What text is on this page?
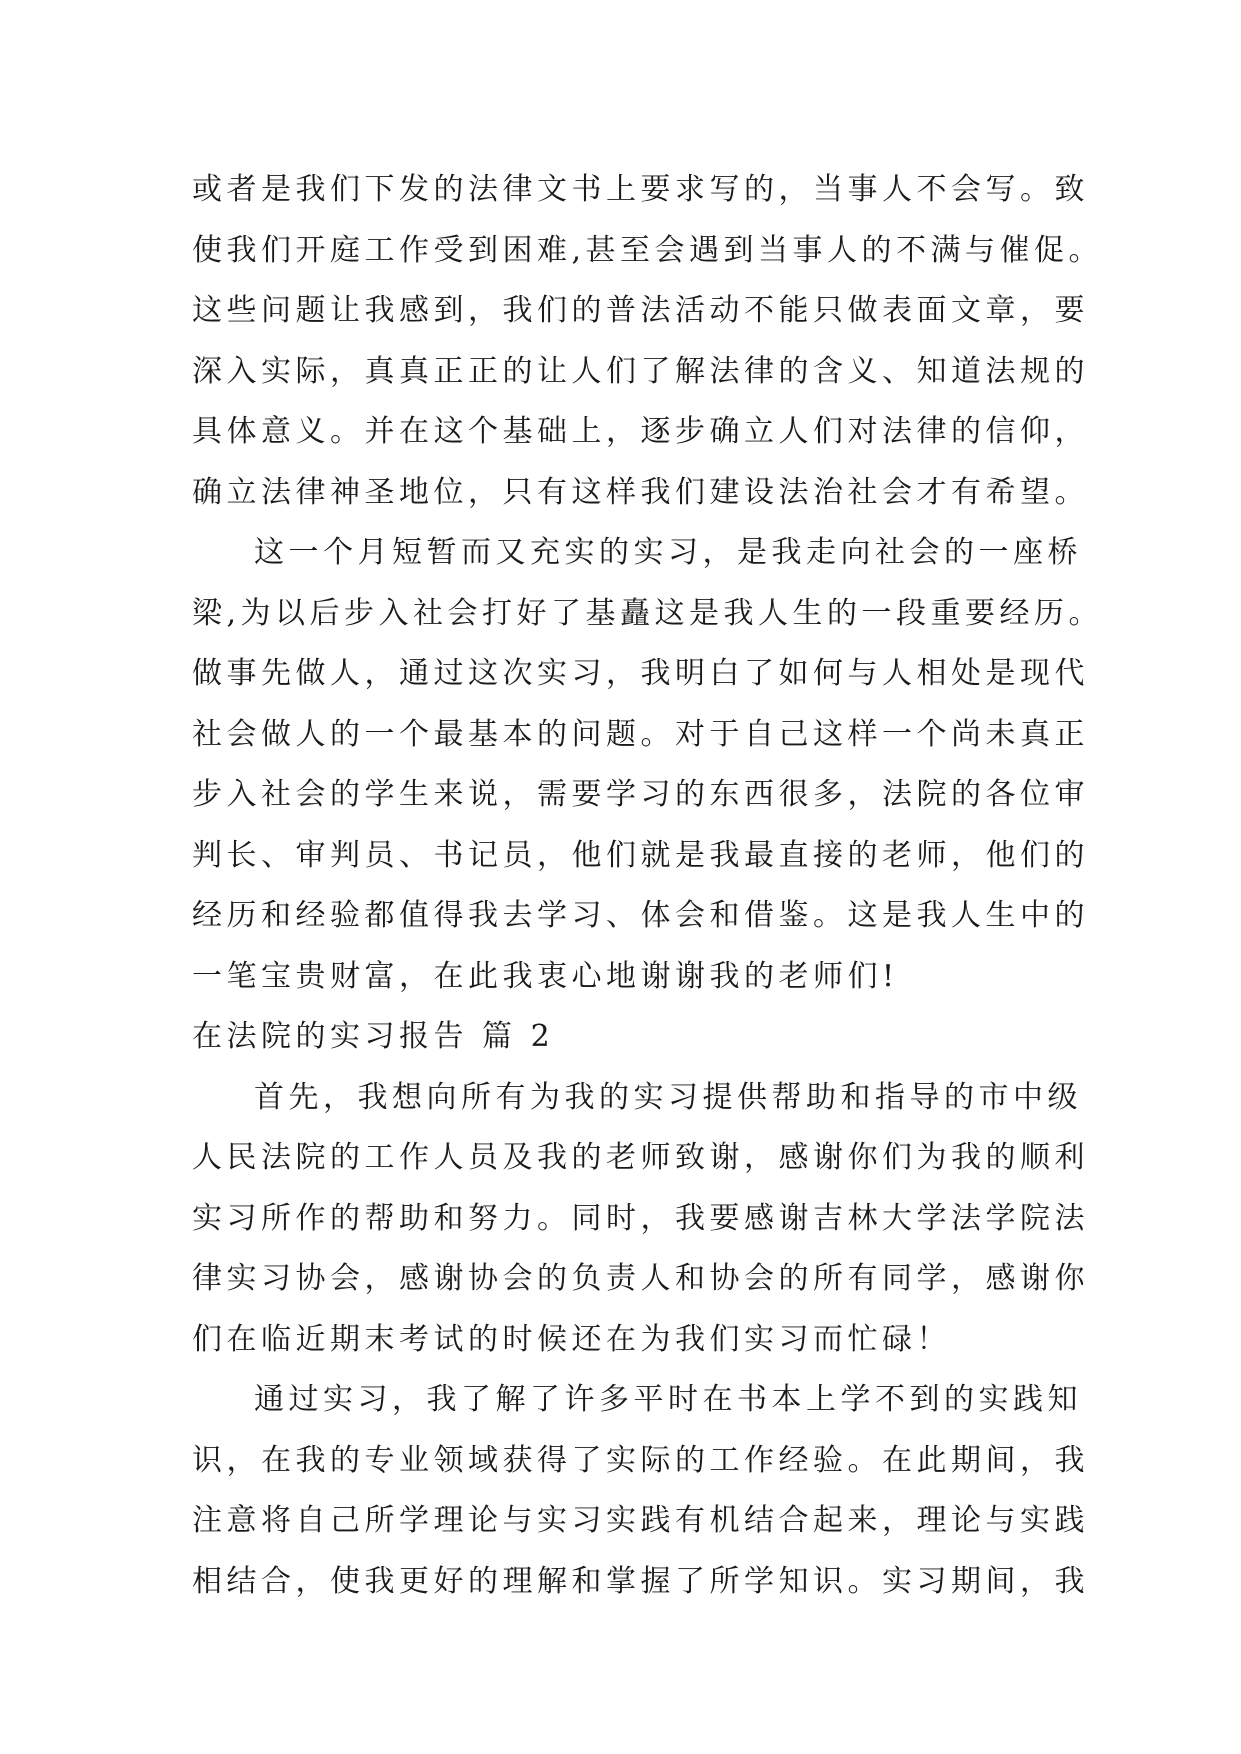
或者是我们下发的法律文书上要求写的，当事人不会写。致
使我们开庭工作受到困难,甚至会遇到当事人的不满与催促。
这些问题让我感到，我们的普法活动不能只做表面文章，要
深入实际，真真正正的让人们了解法律的含义、知道法规的
具体意义。并在这个基础上，逐步确立人们对法律的信仰，
确立法律神圣地位，只有这样我们建设法治社会才有希望。
这一个月短暂而又充实的实习，是我走向社会的一座桥
梁,为以后步入社会打好了基矗这是我人生的一段重要经历。
做事先做人，通过这次实习，我明白了如何与人相处是现代
社会做人的一个最基本的问题。对于自己这样一个尚未真正
步入社会的学生来说，需要学习的东西很多，法院的各位审
判长、审判员、书记员，他们就是我最直接的老师，他们的
经历和经验都值得我去学习、体会和借鉴。这是我人生中的
一笔宝贵财富，在此我衷心地谢谢我的老师们!
在法院的实习报告 篇 2
首先，我想向所有为我的实习提供帮助和指导的市中级
人民法院的工作人员及我的老师致谢，感谢你们为我的顺利
实习所作的帮助和努力。同时，我要感谢吉林大学法学院法
律实习协会，感谢协会的负责人和协会的所有同学，感谢你
们在临近期末考试的时候还在为我们实习而忙碌！
通过实习，我了解了许多平时在书本上学不到的实践知
识，在我的专业领域获得了实际的工作经验。在此期间，我
注意将自己所学理论与实习实践有机结合起来，理论与实践
相结合，使我更好的理解和掌握了所学知识。实习期间，我
